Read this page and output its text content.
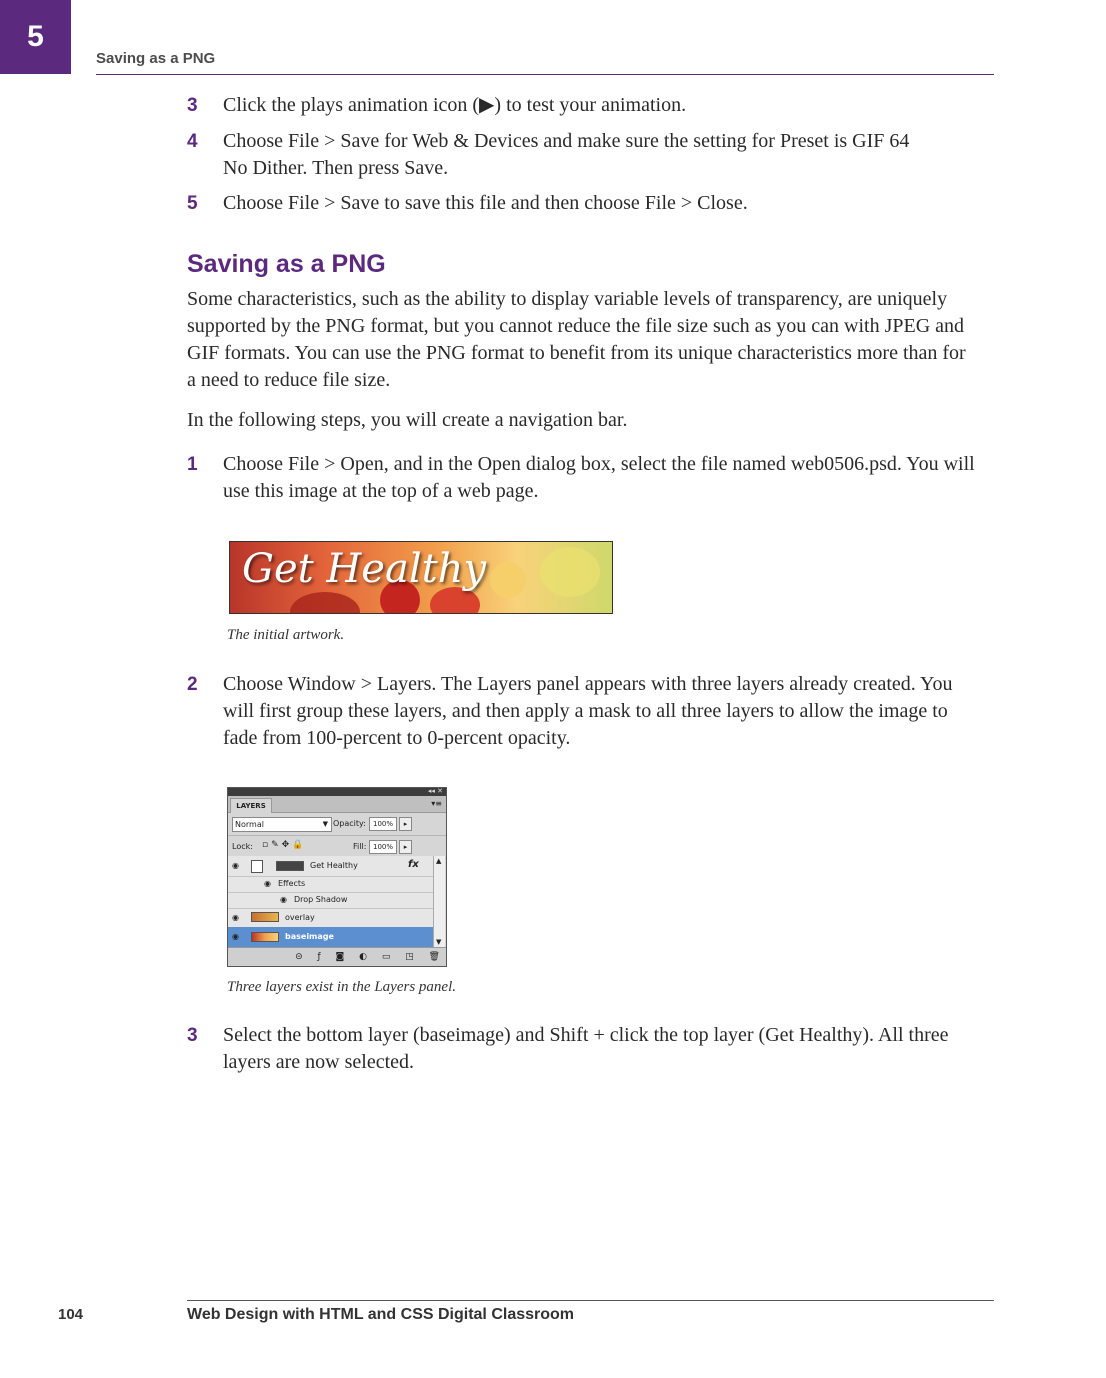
5
Saving as a PNG
3 Click the plays animation icon (▶) to test your animation.
4 Choose File > Save for Web & Devices and make sure the setting for Preset is GIF 64 No Dither. Then press Save.
5 Choose File > Save to save this file and then choose File > Close.
Saving as a PNG
Some characteristics, such as the ability to display variable levels of transparency, are uniquely supported by the PNG format, but you cannot reduce the file size such as you can with JPEG and GIF formats. You can use the PNG format to benefit from its unique characteristics more than for a need to reduce file size.
In the following steps, you will create a navigation bar.
1 Choose File > Open, and in the Open dialog box, select the file named web0506.psd. You will use this image at the top of a web page.
Get Healthy
The initial artwork.
2 Choose Window > Layers. The Layers panel appears with three layers already created. You will first group these layers, and then apply a mask to all three layers to allow the image to fade from 100-percent to 0-percent opacity.
◂◂ ✕
LAYERS	▾≡
Normal	▼ Opacity:	100%	▸
Lock: ▫✎✥🔒	Fill: 100%	▸
◉	Get Healthy	fx
◉ Effects
◉ Drop Shadow
◉	overlay
◉	baseimage
▲
▼
⊝ ƒ ◙ ◐ ▭ ◳ 🗑
Three layers exist in the Layers panel.
3 Select the bottom layer (baseimage) and Shift + click the top layer (Get Healthy). All three layers are now selected.
104	Web Design with HTML and CSS Digital Classroom
